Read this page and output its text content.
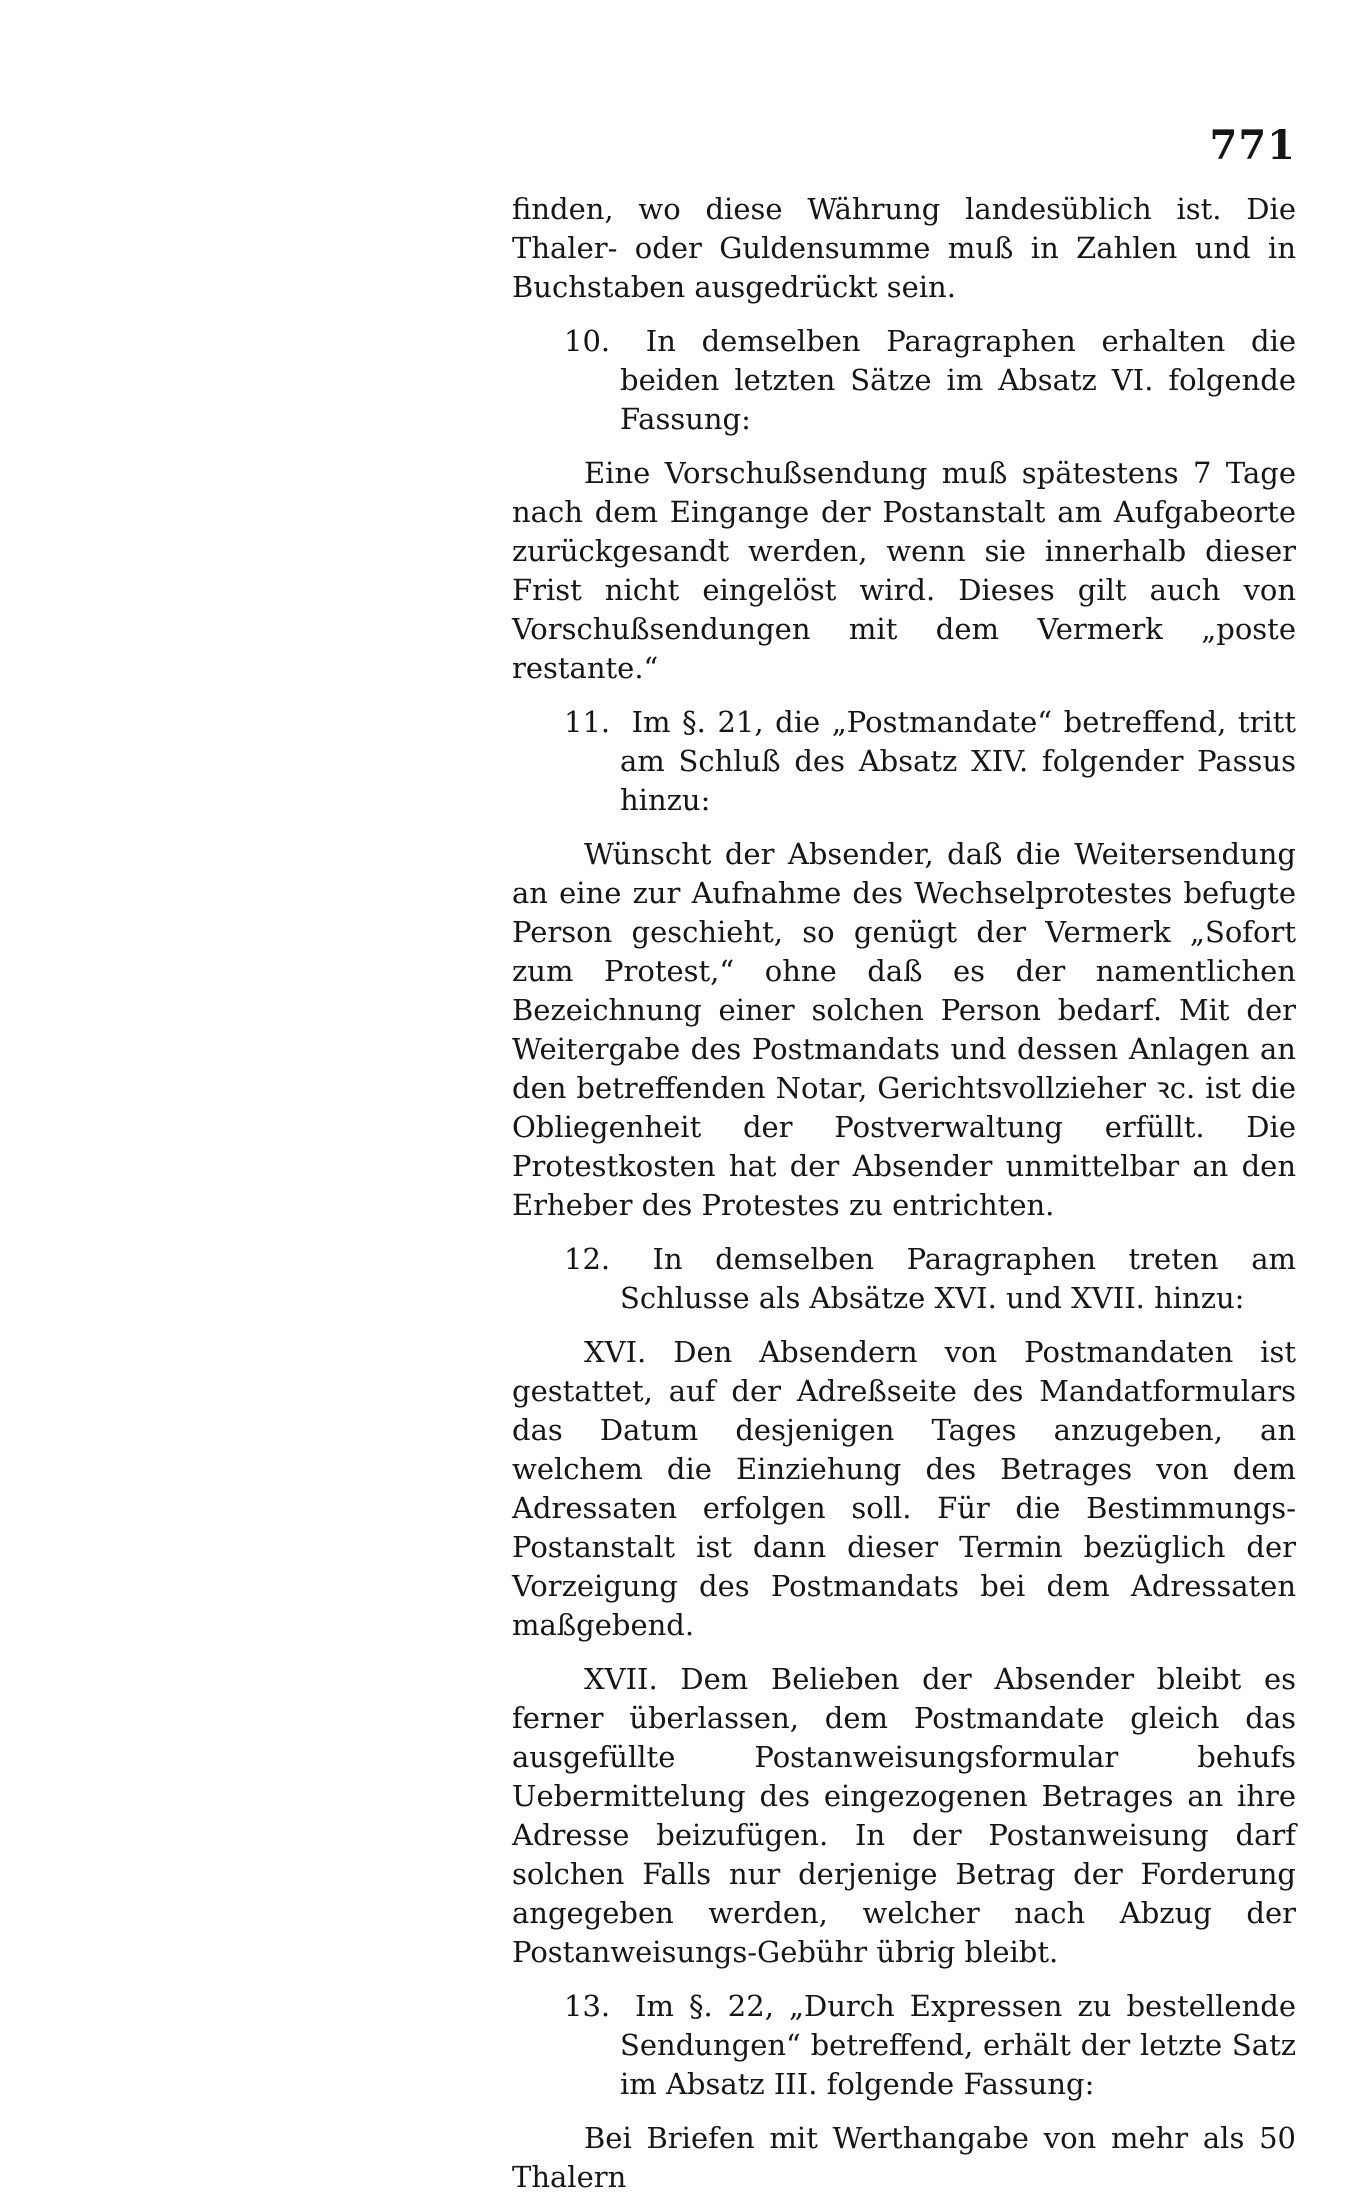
771

finden, wo diese Währung landesüblich ist. Die Thaler- oder Guldensumme muß in Zahlen und in Buchstaben ausgedrückt sein.

10. In demselben Paragraphen erhalten die beiden letzten Sätze im Absatz VI. folgende Fassung:

Eine Vorschußsendung muß spätestens 7 Tage nach dem Eingange der Postanstalt am Aufgabeorte zurückgesandt werden, wenn sie innerhalb dieser Frist nicht eingelöst wird. Dieses gilt auch von Vorschußsendungen mit dem Vermerk „poste restante.“

11. Im §. 21, die „Postmandate“ betreffend, tritt am Schluß des Absatz XIV. folgender Passus hinzu:

Wünscht der Absender, daß die Weitersendung an eine zur Aufnahme des Wechselprotestes befugte Person geschieht, so genügt der Vermerk „Sofort zum Protest,“ ohne daß es der namentlichen Bezeichnung einer solchen Person bedarf. Mit der Weitergabe des Postmandats und dessen Anlagen an den betreffenden Notar, Gerichtsvollzieher ꝛc. ist die Obliegenheit der Postverwaltung erfüllt. Die Protestkosten hat der Absender unmittelbar an den Erheber des Protestes zu entrichten.

12. In demselben Paragraphen treten am Schlusse als Absätze XVI. und XVII. hinzu:

XVI. Den Absendern von Postmandaten ist gestattet, auf der Adreßseite des Mandatformulars das Datum desjenigen Tages anzugeben, an welchem die Einziehung des Betrages von dem Adressaten erfolgen soll. Für die Bestimmungs-Postanstalt ist dann dieser Termin bezüglich der Vorzeigung des Postmandats bei dem Adressaten maßgebend.

XVII. Dem Belieben der Absender bleibt es ferner überlassen, dem Postmandate gleich das ausgefüllte Postanweisungsformular behufs Uebermittelung des eingezogenen Betrages an ihre Adresse beizufügen. In der Postanweisung darf solchen Falls nur derjenige Betrag der Forderung angegeben werden, welcher nach Abzug der Postanweisungs-Gebühr übrig bleibt.

13. Im §. 22, „Durch Expressen zu bestellende Sendungen“ betreffend, erhält der letzte Satz im Absatz III. folgende Fassung:

Bei Briefen mit Werthangabe von mehr als 50 Thalern
